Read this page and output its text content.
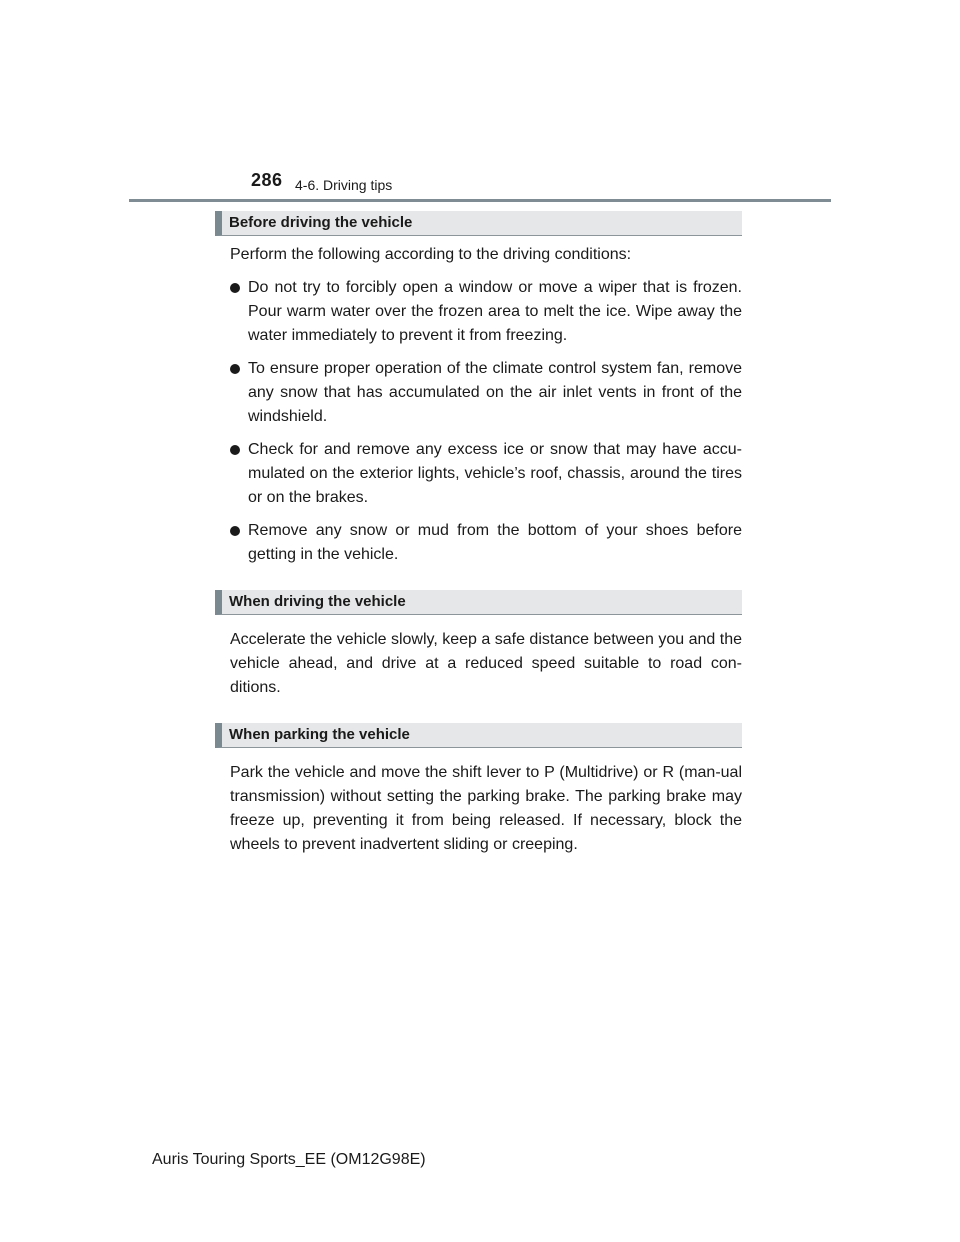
286 4-6. Driving tips
Before driving the vehicle

Perform the following according to the driving conditions:

Do not try to forcibly open a window or move a wiper that is frozen. Pour warm water over the frozen area to melt the ice. Wipe away the water immediately to prevent it from freezing.
To ensure proper operation of the climate control system fan, remove any snow that has accumulated on the air inlet vents in front of the windshield.
Check for and remove any excess ice or snow that may have accu-mulated on the exterior lights, vehicle’s roof, chassis, around the tires or on the brakes.
Remove any snow or mud from the bottom of your shoes before getting in the vehicle.
When driving the vehicle

Accelerate the vehicle slowly, keep a safe distance between you and the vehicle ahead, and drive at a reduced speed suitable to road con-ditions.

When parking the vehicle

Park the vehicle and move the shift lever to P (Multidrive) or R (man-ual transmission) without setting the parking brake. The parking brake may freeze up, preventing it from being released. If necessary, block the wheels to prevent inadvertent sliding or creeping.

Auris Touring Sports_EE (OM12G98E)
